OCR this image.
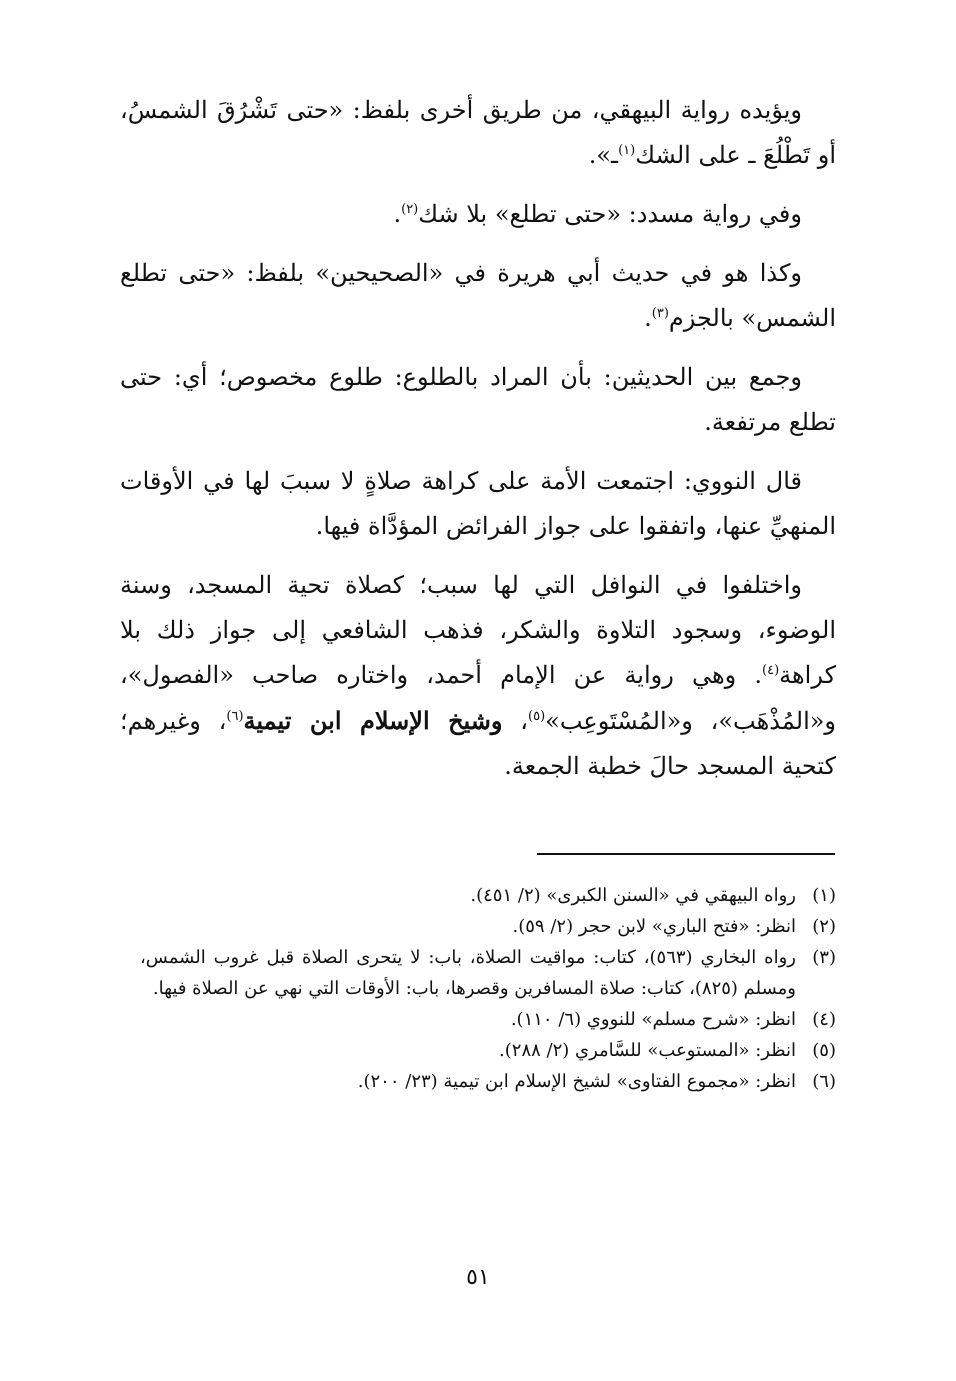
ويؤيده رواية البيهقي، من طريق أخرى بلفظ: «حتى تَشْرُقَ الشمسُ، أو تَطْلُعَ ـ على الشك$^{(١)}$ـ».

وفي رواية مسدد: «حتى تطلع» بلا شك$^{(٢)}$.

وكذا هو في حديث أبي هريرة في «الصحيحين» بلفظ: «حتى تطلع الشمس» بالجزم$^{(٣)}$.

وجمع بين الحديثين: بأن المراد بالطلوع: طلوع مخصوص؛ أي: حتى تطلع مرتفعة.

قال النووي: اجتمعت الأمة على كراهة صلاةٍ لا سببَ لها في الأوقات المنهيِّ عنها، واتفقوا على جواز الفرائض المؤدَّاة فيها.

واختلفوا في النوافل التي لها سبب؛ كصلاة تحية المسجد، وسنة الوضوء، وسجود التلاوة والشكر، فذهب الشافعي إلى جواز ذلك بلا كراهة$^{(٤)}$. وهي رواية عن الإمام أحمد، واختاره صاحب «الفصول»، و«المُذْهَب»، و«المُسْتَوعِب»$^{(٥)}$، وشيخ الإسلام ابن تيمية$^{(٦)}$، وغيرهم؛ كتحية المسجد حالَ خطبة الجمعة.

(١)
رواه البيهقي في «السنن الكبرى» (٢/ ٤٥١).
(٢)
انظر: «فتح الباري» لابن حجر (٢/ ٥٩).
(٣)
رواه البخاري (٥٦٣)، كتاب: مواقيت الصلاة، باب: لا يتحرى الصلاة قبل غروب الشمس، ومسلم (٨٢٥)، كتاب: صلاة المسافرين وقصرها، باب: الأوقات التي نهي عن الصلاة فيها.
(٤)
انظر: «شرح مسلم» للنووي (٦/ ١١٠).
(٥)
انظر: «المستوعب» للسَّامري (٢/ ٢٨٨).
(٦)
انظر: «مجموع الفتاوى» لشيخ الإسلام ابن تيمية (٢٣/ ٢٠٠).
٥١
